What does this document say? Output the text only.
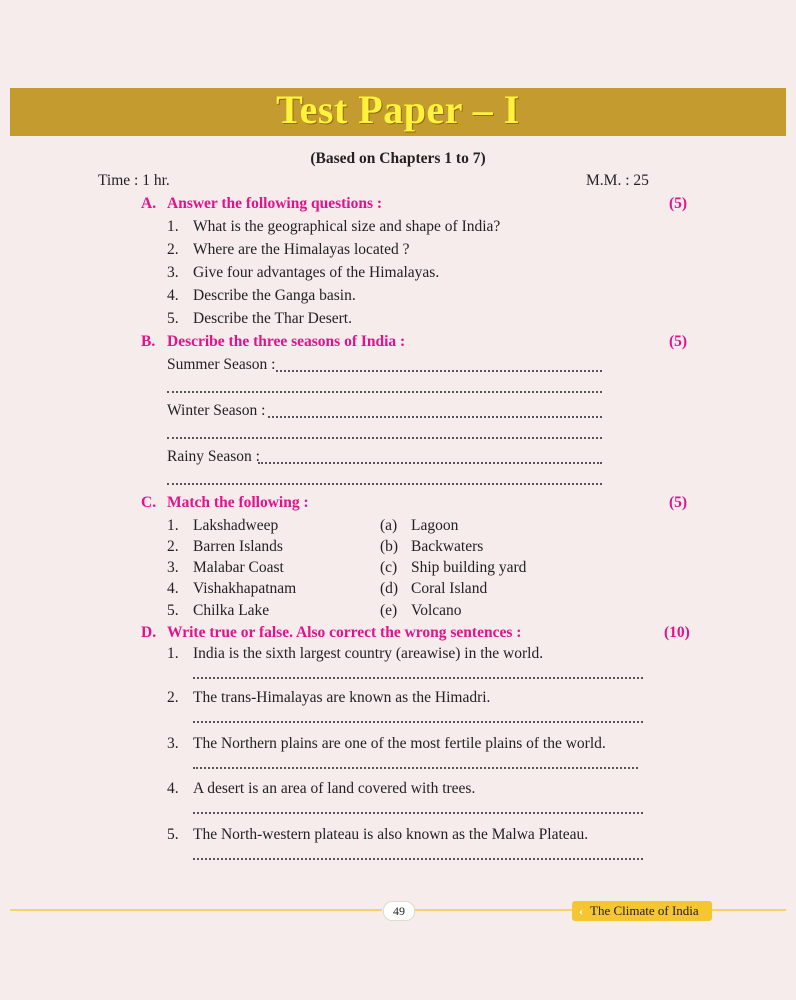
Test Paper – I
(Based on Chapters 1 to 7)
Time : 1 hr.	M.M. : 25
A. Answer the following questions :	(5)
1. What is the geographical size and shape of India?
2. Where are the Himalayas located ?
3. Give four advantages of the Himalayas.
4. Describe the Ganga basin.
5. Describe the Thar Desert.
B. Describe the three seasons of India :	(5)
Summer Season :
Winter Season :
Rainy Season :
C. Match the following :	(5)
1. Lakshadweep	(a) Lagoon
2. Barren Islands	(b) Backwaters
3. Malabar Coast	(c) Ship building yard
4. Vishakhapatnam	(d) Coral Island
5. Chilka Lake	(e) Volcano
D. Write true or false. Also correct the wrong sentences :	(10)
1. India is the sixth largest country (areawise) in the world.
2. The trans-Himalayas are known as the Himadri.
3. The Northern plains are one of the most fertile plains of the world.
4. A desert is an area of land covered with trees.
5. The North-western plateau is also known as the Malwa Plateau.
49	‹ The Climate of India
